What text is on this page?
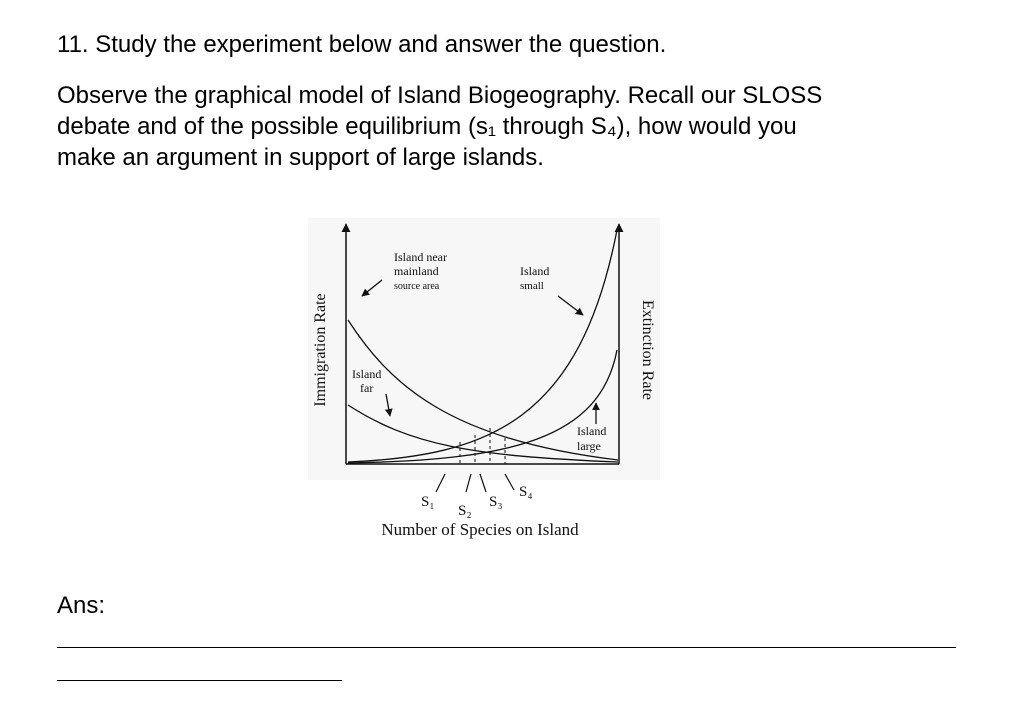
11. Study the experiment below and answer the question.
Observe the graphical model of Island Biogeography. Recall our SLOSS
debate and of the possible equilibrium (s₁ through S₄), how would you
make an argument in support of large islands.
Immigration Rate	Extinction Rate
Island near
mainland
source area
Island
small
Island
far
Island
large
S₁
S₂
S₃
S₄
Number of Species on Island
Ans:
